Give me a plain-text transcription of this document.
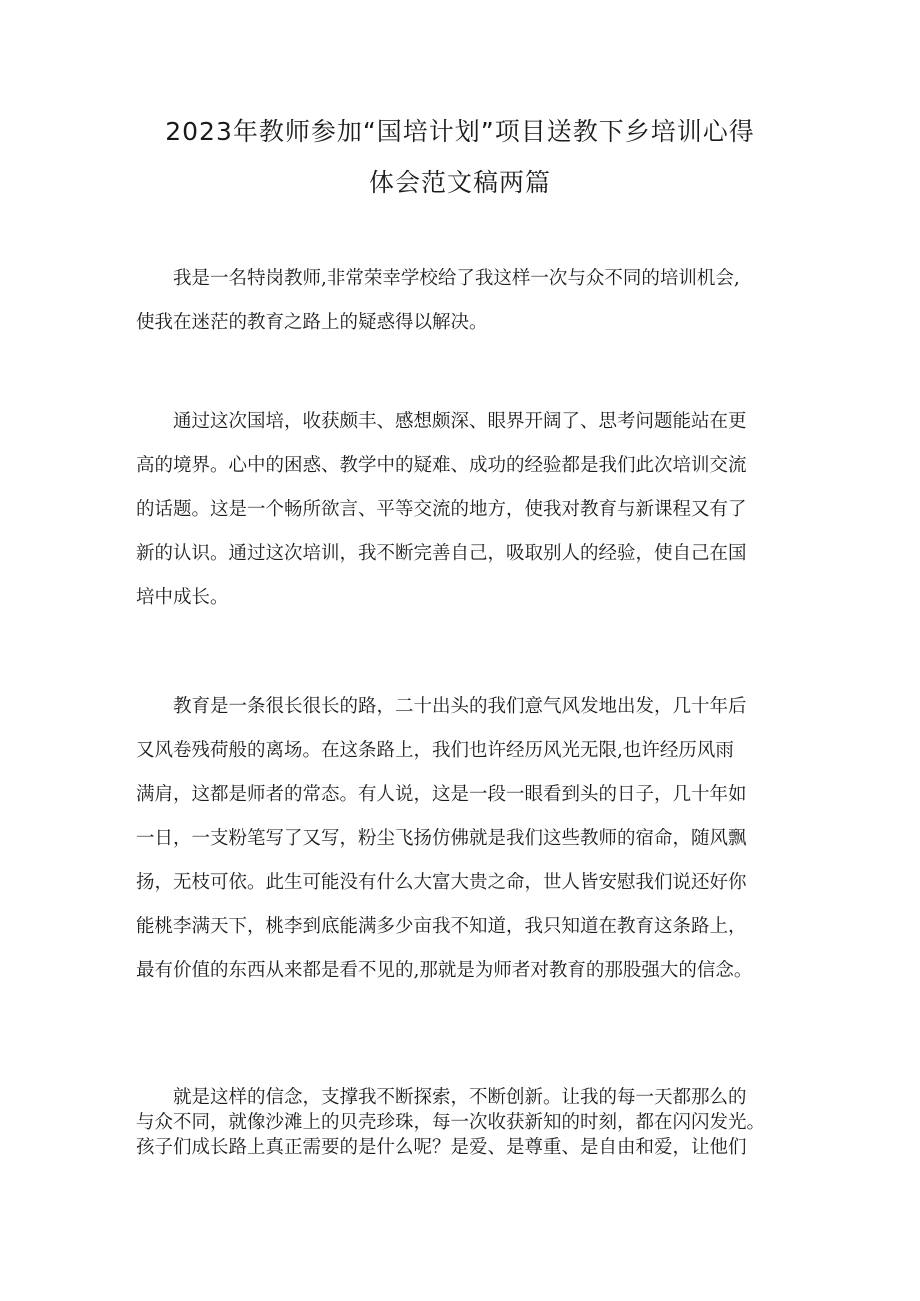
2023年教师参加“国培计划”项目送教下乡培训心得
体会范文稿两篇
我是一名特岗教师,非常荣幸学校给了我这样一次与众不同的培训机会,
使我在迷茫的教育之路上的疑惑得以解决。
通过这次国培，收获颇丰、感想颇深、眼界开阔了、思考问题能站在更
高的境界。心中的困惑、教学中的疑难、成功的经验都是我们此次培训交流
的话题。这是一个畅所欲言、平等交流的地方，使我对教育与新课程又有了
新的认识。通过这次培训，我不断完善自己，吸取别人的经验，使自己在国
培中成长。
教育是一条很长很长的路，二十出头的我们意气风发地出发，几十年后
又风卷残荷般的离场。在这条路上，我们也许经历风光无限,也许经历风雨
满肩，这都是师者的常态。有人说，这是一段一眼看到头的日子，几十年如
一日，一支粉笔写了又写，粉尘飞扬仿佛就是我们这些教师的宿命，随风飘
扬，无枝可依。此生可能没有什么大富大贵之命，世人皆安慰我们说还好你
能桃李满天下，桃李到底能满多少亩我不知道，我只知道在教育这条路上，
最有价值的东西从来都是看不见的,那就是为师者对教育的那股强大的信念。
就是这样的信念，支撑我不断探索，不断创新。让我的每一天都那么的
与众不同，就像沙滩上的贝壳珍珠，每一次收获新知的时刻，都在闪闪发光。
孩子们成长路上真正需要的是什么呢？是爱、是尊重、是自由和爱，让他们
